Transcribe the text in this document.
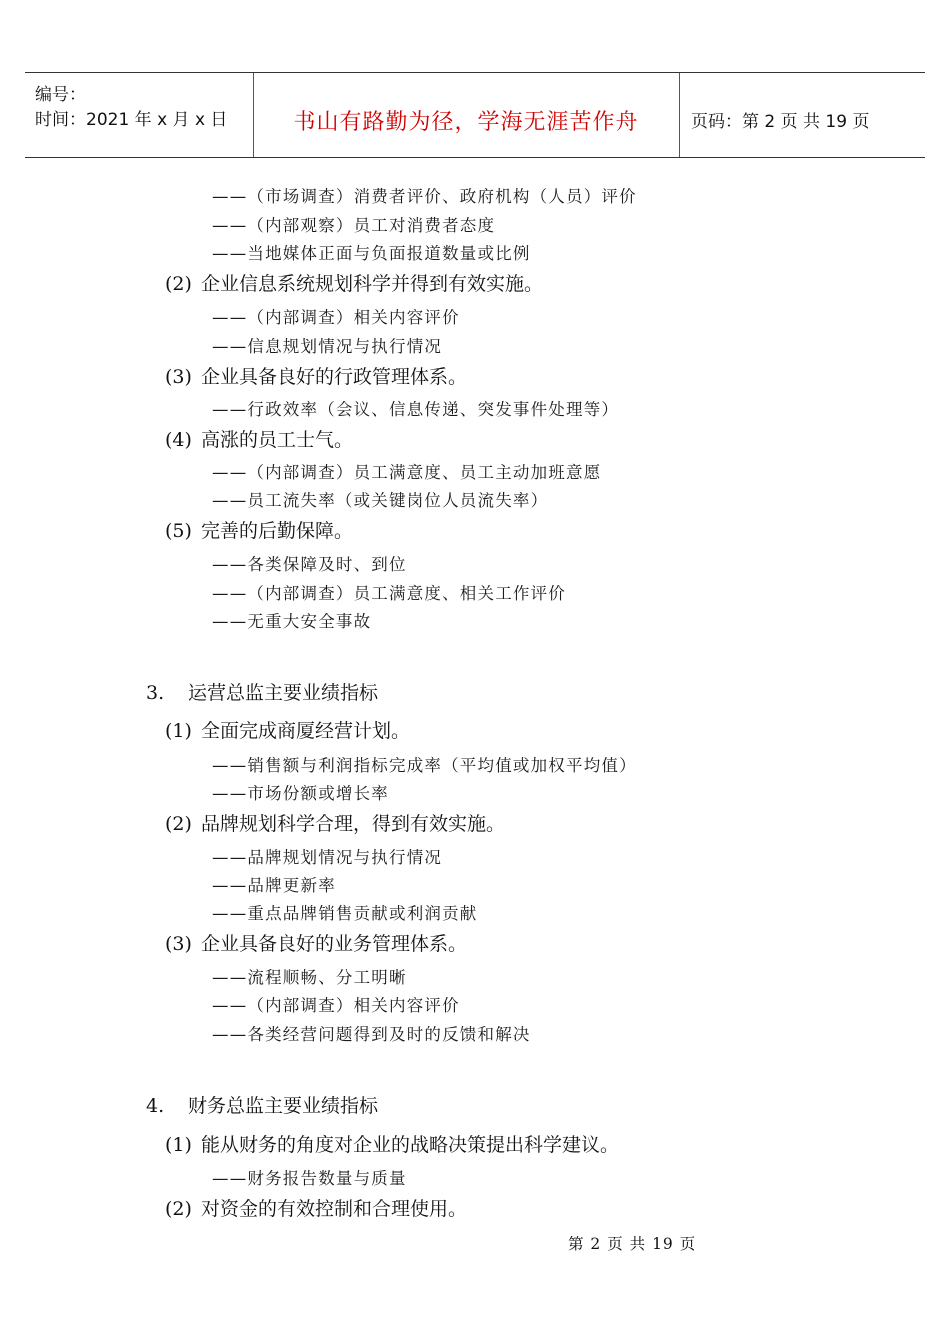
编号：
时间：2021 年 x 月 x 日	书山有路勤为径，学海无涯苦作舟	页码：第 2 页 共 19 页
——（市场调查）消费者评价、政府机构（人员）评价
——（内部观察）员工对消费者态度
——当地媒体正面与负面报道数量或比例
(2) 企业信息系统规划科学并得到有效实施。
——（内部调查）相关内容评价
——信息规划情况与执行情况
(3) 企业具备良好的行政管理体系。
——行政效率（会议、信息传递、突发事件处理等）
(4) 高涨的员工士气。
——（内部调查）员工满意度、员工主动加班意愿
——员工流失率（或关键岗位人员流失率）
(5) 完善的后勤保障。
——各类保障及时、到位
——（内部调查）员工满意度、相关工作评价
——无重大安全事故
3. 运营总监主要业绩指标
(1) 全面完成商厦经营计划。
——销售额与利润指标完成率（平均值或加权平均值）
——市场份额或增长率
(2) 品牌规划科学合理，得到有效实施。
——品牌规划情况与执行情况
——品牌更新率
——重点品牌销售贡献或利润贡献
(3) 企业具备良好的业务管理体系。
——流程顺畅、分工明晰
——（内部调查）相关内容评价
——各类经营问题得到及时的反馈和解决
4. 财务总监主要业绩指标
(1) 能从财务的角度对企业的战略决策提出科学建议。
——财务报告数量与质量
(2) 对资金的有效控制和合理使用。
第 2 页 共 19 页
